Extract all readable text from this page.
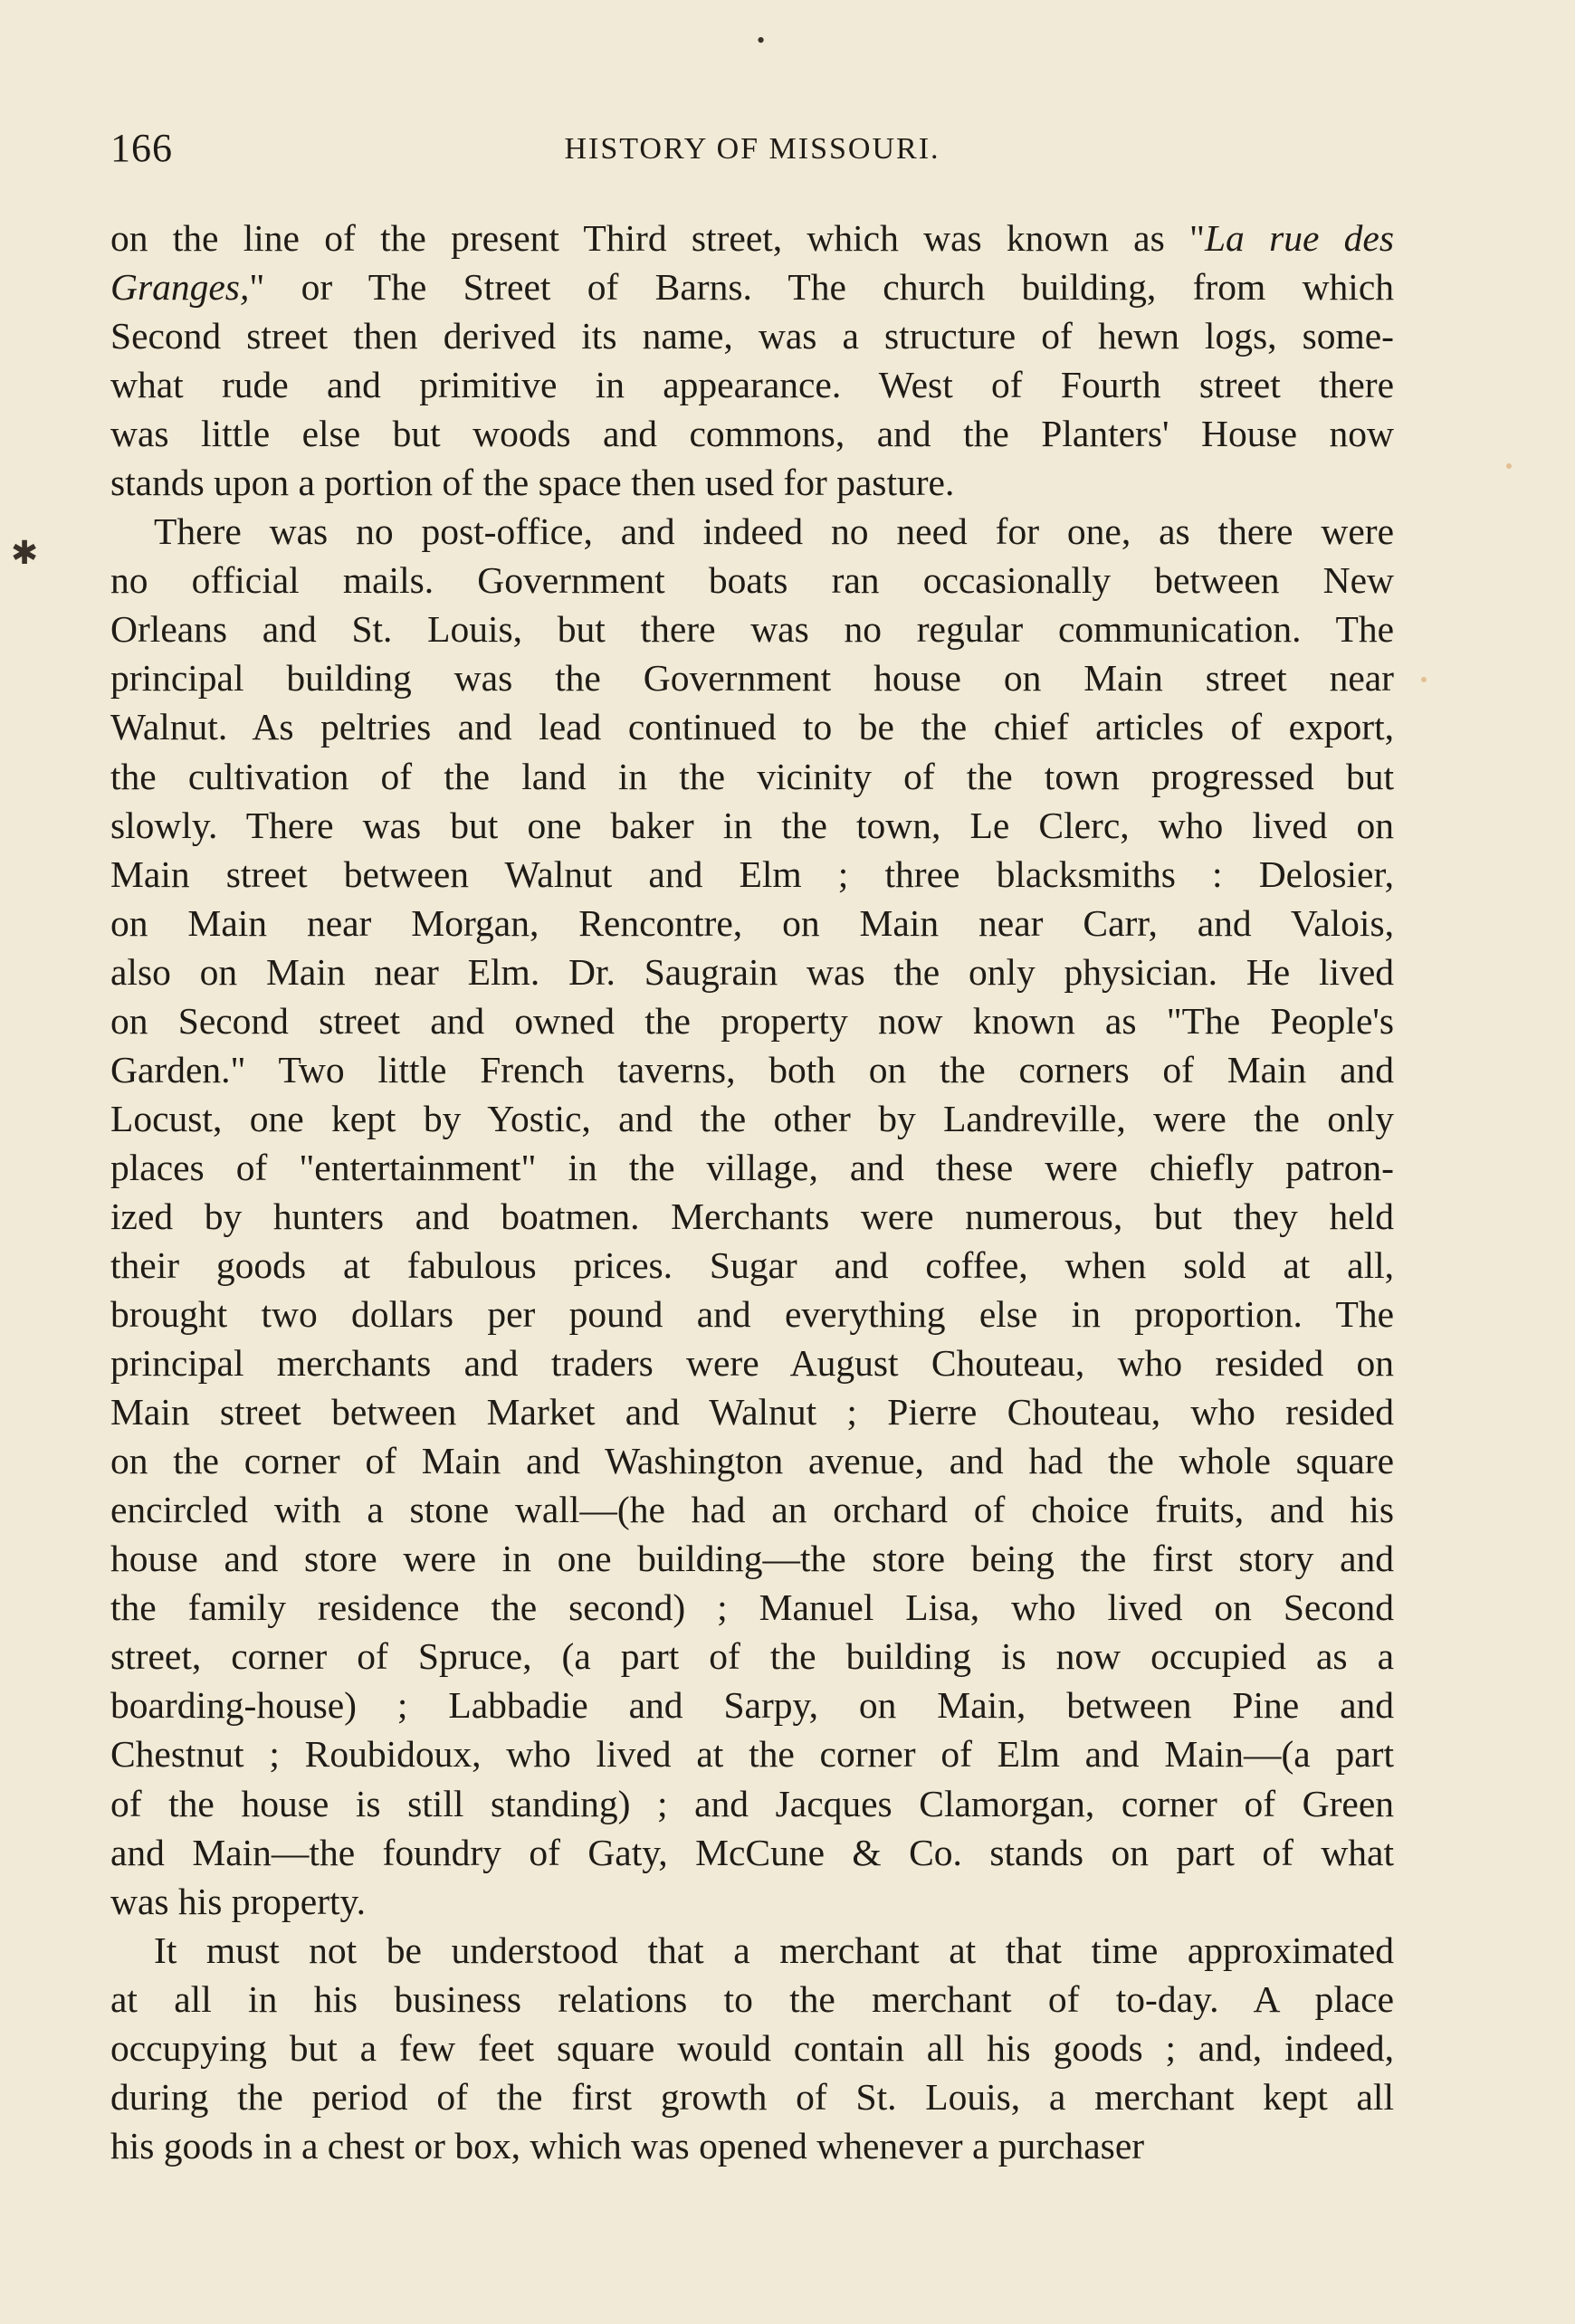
•
✱
166	HISTORY OF MISSOURI.
on the line of the present Third street, which was known as "La rue des
Granges," or The Street of Barns. The church building, from which
Second street then derived its name, was a structure of hewn logs, some-
what rude and primitive in appearance. West of Fourth street there
was little else but woods and commons, and the Planters' House now
stands upon a portion of the space then used for pasture.
There was no post-office, and indeed no need for one, as there were
no official mails. Government boats ran occasionally between New
Orleans and St. Louis, but there was no regular communication. The
principal building was the Government house on Main street near
Walnut. As peltries and lead continued to be the chief articles of export,
the cultivation of the land in the vicinity of the town progressed but
slowly. There was but one baker in the town, Le Clerc, who lived on
Main street between Walnut and Elm ; three blacksmiths : Delosier,
on Main near Morgan, Rencontre, on Main near Carr, and Valois,
also on Main near Elm. Dr. Saugrain was the only physician. He lived
on Second street and owned the property now known as "The People's
Garden." Two little French taverns, both on the corners of Main and
Locust, one kept by Yostic, and the other by Landreville, were the only
places of "entertainment" in the village, and these were chiefly patron-
ized by hunters and boatmen. Merchants were numerous, but they held
their goods at fabulous prices. Sugar and coffee, when sold at all,
brought two dollars per pound and everything else in proportion. The
principal merchants and traders were August Chouteau, who resided on
Main street between Market and Walnut ; Pierre Chouteau, who resided
on the corner of Main and Washington avenue, and had the whole square
encircled with a stone wall—(he had an orchard of choice fruits, and his
house and store were in one building—the store being the first story and
the family residence the second) ; Manuel Lisa, who lived on Second
street, corner of Spruce, (a part of the building is now occupied as a
boarding-house) ; Labbadie and Sarpy, on Main, between Pine and
Chestnut ; Roubidoux, who lived at the corner of Elm and Main—(a part
of the house is still standing) ; and Jacques Clamorgan, corner of Green
and Main—the foundry of Gaty, McCune & Co. stands on part of what
was his property.
It must not be understood that a merchant at that time approximated
at all in his business relations to the merchant of to-day. A place
occupying but a few feet square would contain all his goods ; and, indeed,
during the period of the first growth of St. Louis, a merchant kept all
his goods in a chest or box, which was opened whenever a purchaser
